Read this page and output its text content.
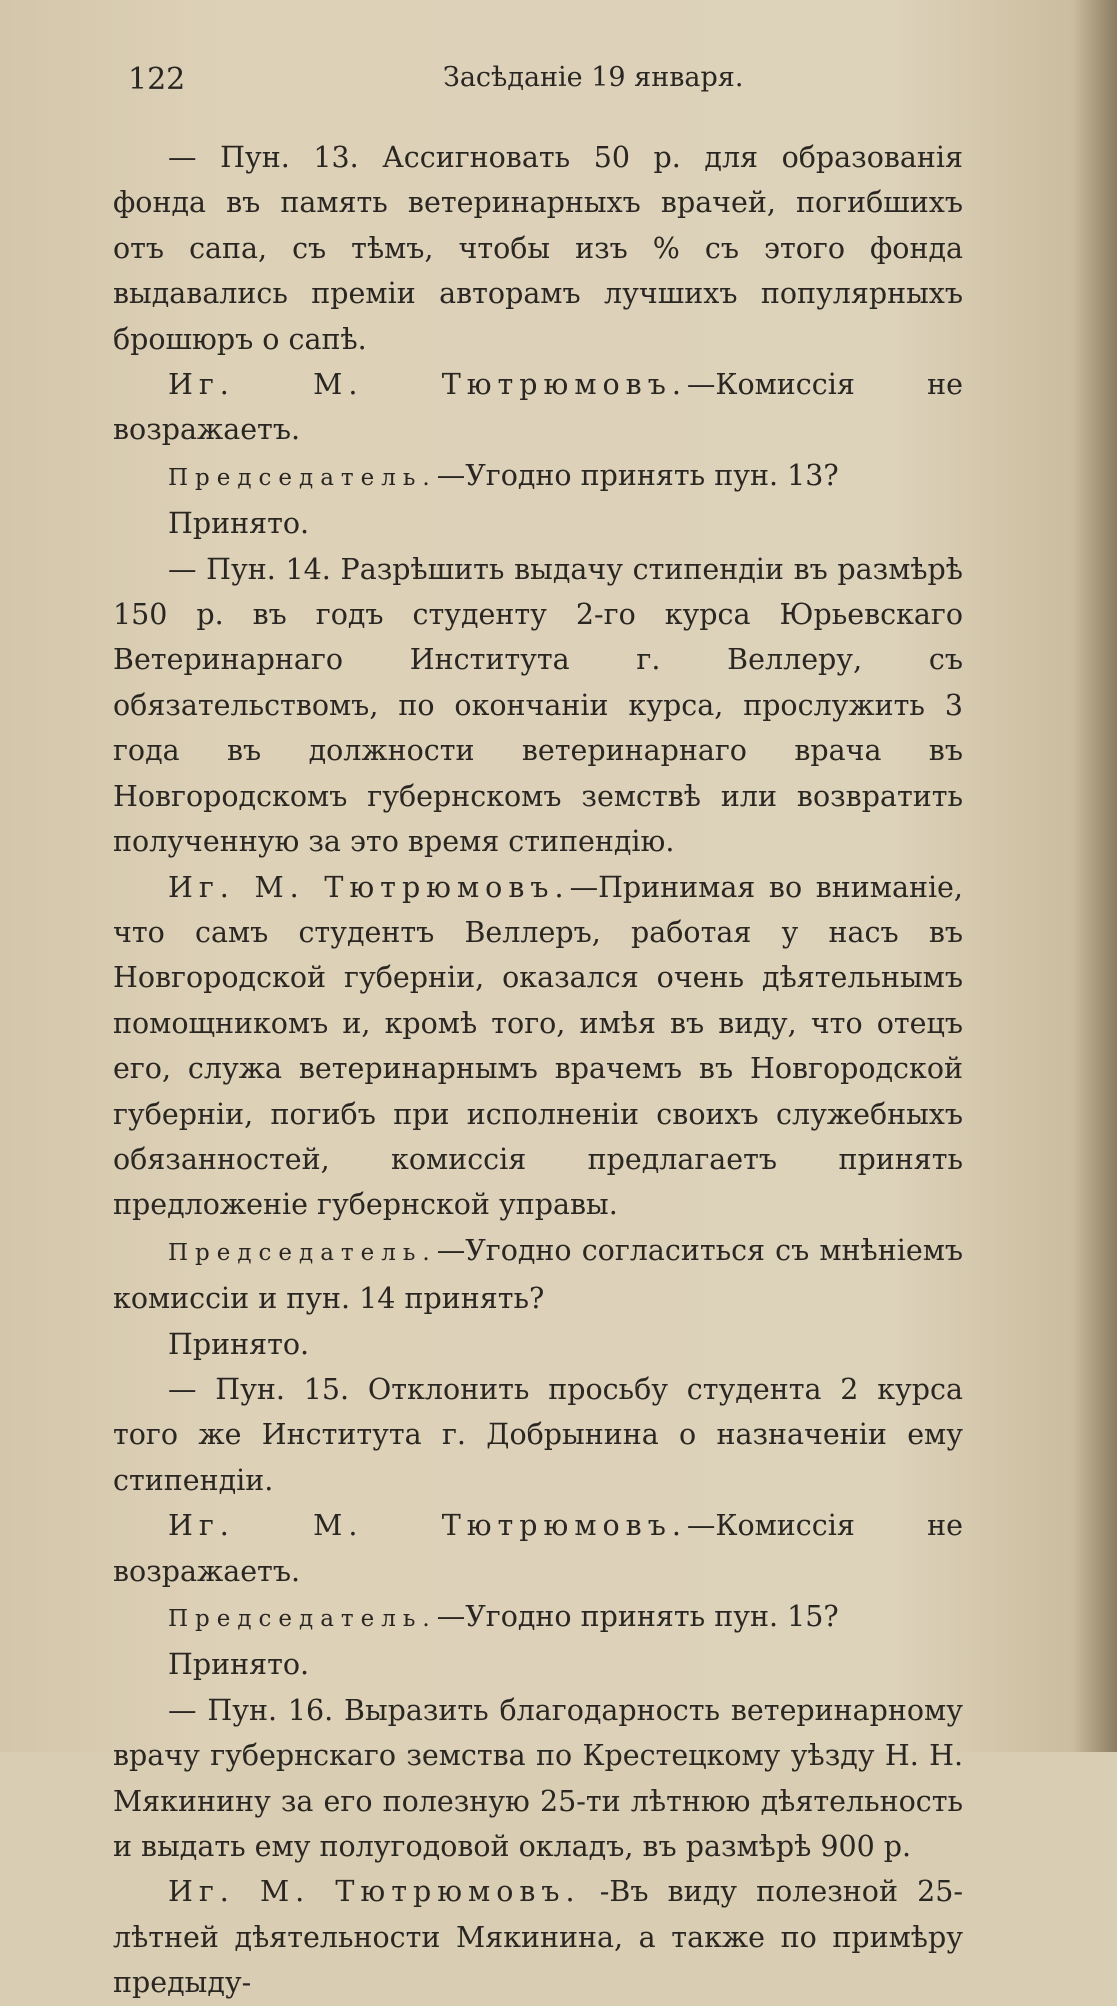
122	Засѣданіе 19 января.

— Пун. 13. Ассигновать 50 р. для образованія фонда въ память ветеринарныхъ врачей, погибшихъ отъ сапа, съ тѣмъ, чтобы изъ % съ этого фонда выдавались преміи авторамъ лучшихъ популярныхъ брошюръ о сапѣ.

Иг. М. Тютрюмовъ.—Комиссія не возражаетъ.

Председатель.—Угодно принять пун. 13?

Принято.

— Пун. 14. Разрѣшить выдачу стипендіи въ размѣрѣ 150 р. въ годъ студенту 2-го курса Юрьевскаго Ветеринарнаго Института г. Веллеру, съ обязательствомъ, по окончаніи курса, прослужить 3 года въ должности ветеринарнаго врача въ Новгородскомъ губернскомъ земствѣ или возвратить полученную за это время стипендію.

Иг. М. Тютрюмовъ.—Принимая во вниманіе, что самъ студентъ Веллеръ, работая у насъ въ Новгородской губерніи, оказался очень дѣятельнымъ помощникомъ и, кромѣ того, имѣя въ виду, что отецъ его, служа ветеринарнымъ врачемъ въ Новгородской губерніи, погибъ при исполненіи своихъ служебныхъ обязанностей, комиссія предлагаетъ принять предложеніе губернской управы.

Председатель.—Угодно согласиться съ мнѣніемъ комиссіи и пун. 14 принять?

Принято.

— Пун. 15. Отклонить просьбу студента 2 курса того же Института г. Добрынина о назначеніи ему стипендіи.

Иг. М. Тютрюмовъ.—Комиссія не возражаетъ.

Председатель.—Угодно принять пун. 15?

Принято.

— Пун. 16. Выразить благодарность ветеринарному врачу губернскаго земства по Крестецкому уѣзду Н. Н. Мякинину за его полезную 25-ти лѣтнюю дѣятельность и выдать ему полугодовой окладъ, въ размѣрѣ 900 р.

Иг. М. Тютрюмовъ. -Въ виду полезной 25-лѣтней дѣятельности Мякинина, а также по примѣру предыду-
